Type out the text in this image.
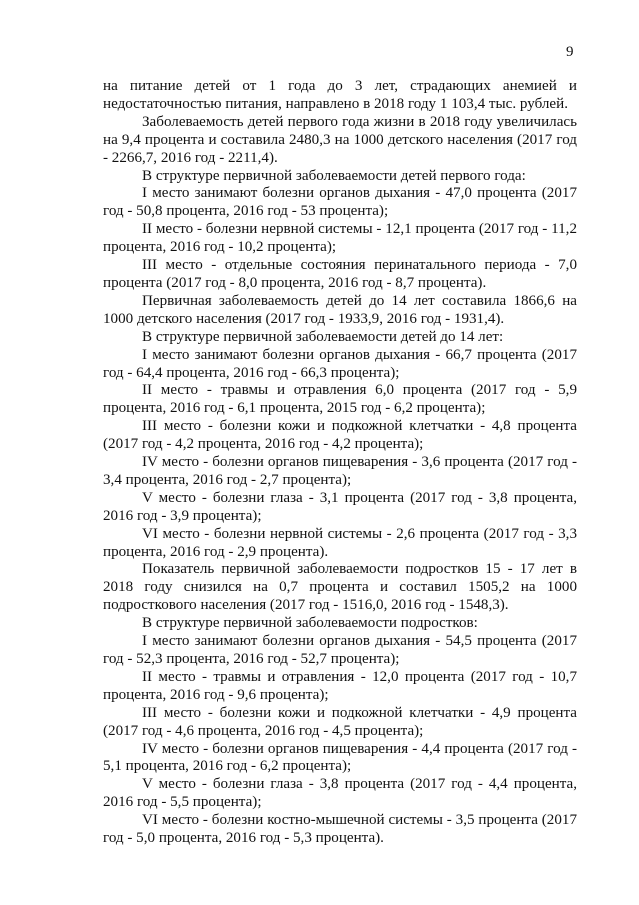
9

на питание детей от 1 года до 3 лет, страдающих анемией и недостаточностью питания, направлено в 2018 году 1 103,4 тыс. рублей.

Заболеваемость детей первого года жизни в 2018 году увеличилась на 9,4 процента и составила 2480,3 на 1000 детского населения (2017 год - 2266,7, 2016 год - 2211,4).

В структуре первичной заболеваемости детей первого года:

I место занимают болезни органов дыхания - 47,0 процента (2017 год - 50,8 процента, 2016 год - 53 процента);

II место - болезни нервной системы - 12,1 процента (2017 год - 11,2 процента, 2016 год - 10,2 процента);

III место - отдельные состояния перинатального периода - 7,0 процента (2017 год - 8,0 процента, 2016 год - 8,7 процента).

Первичная заболеваемость детей до 14 лет составила 1866,6 на 1000 детского населения (2017 год - 1933,9, 2016 год - 1931,4).

В структуре первичной заболеваемости детей до 14 лет:

I место занимают болезни органов дыхания - 66,7 процента (2017 год - 64,4 процента, 2016 год - 66,3 процента);

II место - травмы и отравления 6,0 процента (2017 год - 5,9 процента, 2016 год - 6,1 процента, 2015 год - 6,2 процента);

III место - болезни кожи и подкожной клетчатки - 4,8 процента (2017 год - 4,2 процента, 2016 год - 4,2 процента);

IV место - болезни органов пищеварения - 3,6 процента (2017 год - 3,4 процента, 2016 год - 2,7 процента);

V место - болезни глаза - 3,1 процента (2017 год - 3,8 процента, 2016 год - 3,9 процента);

VI место - болезни нервной системы - 2,6 процента (2017 год - 3,3 процента, 2016 год - 2,9 процента).

Показатель первичной заболеваемости подростков 15 - 17 лет в 2018 году снизился на 0,7 процента и составил 1505,2 на 1000 подросткового населения (2017 год - 1516,0, 2016 год - 1548,3).

В структуре первичной заболеваемости подростков:

I место занимают болезни органов дыхания - 54,5 процента (2017 год - 52,3 процента, 2016 год - 52,7 процента);

II место - травмы и отравления - 12,0 процента (2017 год - 10,7 процента, 2016 год - 9,6 процента);

III место - болезни кожи и подкожной клетчатки - 4,9 процента (2017 год - 4,6 процента, 2016 год - 4,5 процента);

IV место - болезни органов пищеварения - 4,4 процента (2017 год - 5,1 процента, 2016 год - 6,2 процента);

V место - болезни глаза - 3,8 процента (2017 год - 4,4 процента, 2016 год - 5,5 процента);

VI место - болезни костно-мышечной системы - 3,5 процента (2017 год - 5,0 процента, 2016 год - 5,3 процента).
